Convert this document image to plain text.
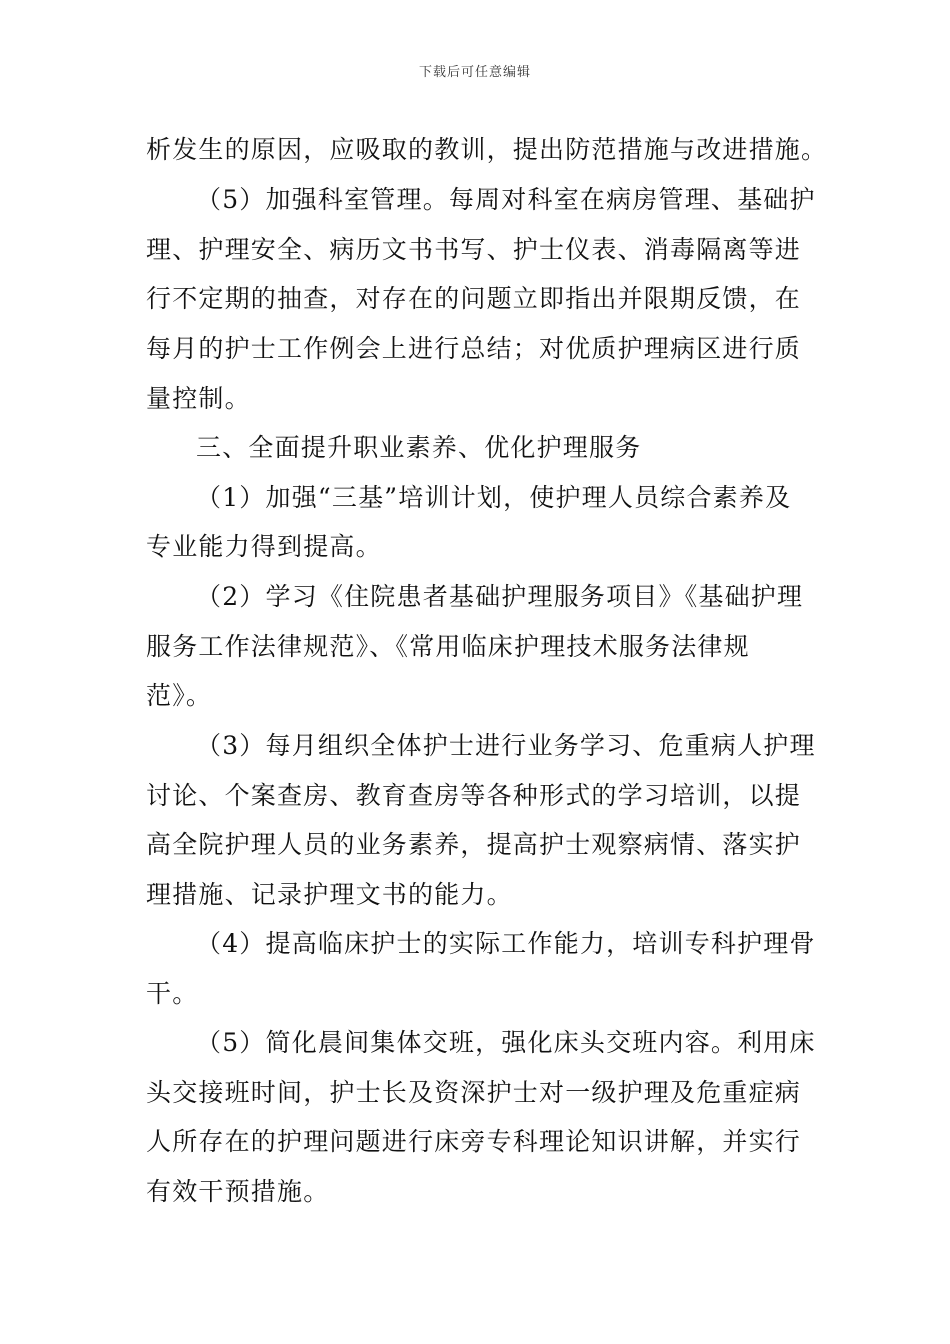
下载后可任意编辑
析发生的原因，应吸取的教训，提出防范措施与改进措施。
（5）加强科室管理。每周对科室在病房管理、基础护
理、护理安全、病历文书书写、护士仪表、消毒隔离等进
行不定期的抽查，对存在的问题立即指出并限期反馈，在
每月的护士工作例会上进行总结；对优质护理病区进行质
量控制。
三、全面提升职业素养、优化护理服务
（1）加强“三基”培训计划，使护理人员综合素养及
专业能力得到提高。
（2）学习《住院患者基础护理服务项目》《基础护理
服务工作法律规范》、《常用临床护理技术服务法律规
范》。
（3）每月组织全体护士进行业务学习、危重病人护理
讨论、个案查房、教育查房等各种形式的学习培训，以提
高全院护理人员的业务素养，提高护士观察病情、落实护
理措施、记录护理文书的能力。
（4）提高临床护士的实际工作能力，培训专科护理骨
干。
（5）简化晨间集体交班，强化床头交班内容。利用床
头交接班时间，护士长及资深护士对一级护理及危重症病
人所存在的护理问题进行床旁专科理论知识讲解，并实行
有效干预措施。
